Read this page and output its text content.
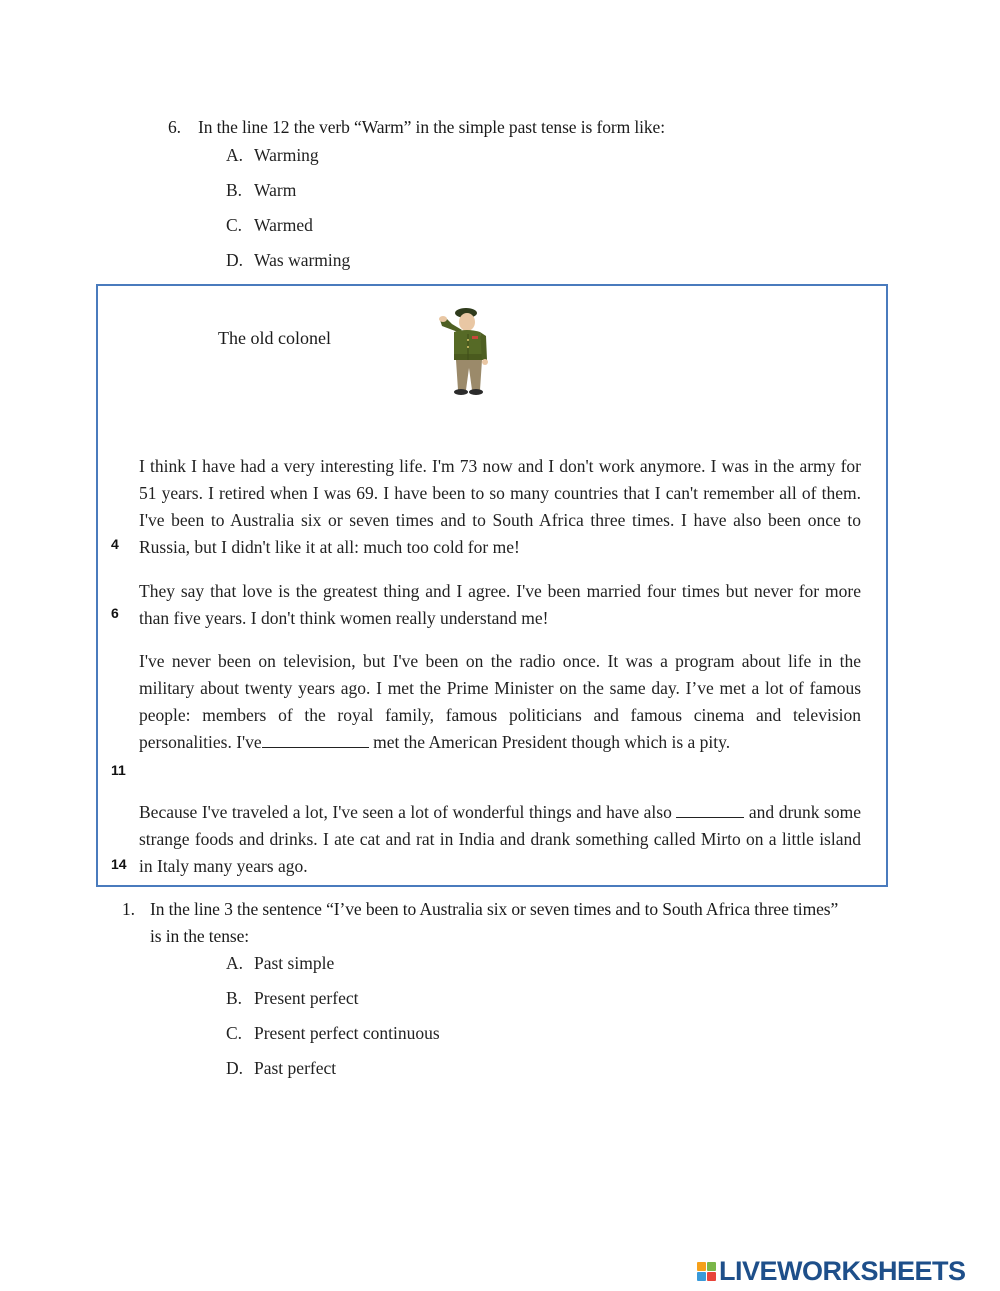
6. In the line 12 the verb “Warm” in the simple past tense is form like:
A. Warming
B. Warm
C. Warmed
D. Was warming
The old colonel
I think I have had a very interesting life. I'm 73 now and I don't work anymore. I was in the army for 51 years. I retired when I was 69. I have been to so many countries that I can't remember all of them. I've been to Australia six or seven times and to South Africa three times. I have also been once to Russia, but I didn't like it at all: much too cold for me!
4
They say that love is the greatest thing and I agree. I've been married four times but never for more than five years. I don't think women really understand me!
6
I've never been on television, but I've been on the radio once. It was a program about life in the military about twenty years ago. I met the Prime Minister on the same day. I’ve met a lot of famous people: members of the royal family, famous politicians and famous cinema and television personalities. I've	met the American President though which is a pity.
11
Because I've traveled a lot, I've seen a lot of wonderful things and have also	and drunk some strange foods and drinks. I ate cat and rat in India and drank something called Mirto on a little island in Italy many years ago.
14
1. In the line 3 the sentence “I’ve been to Australia six or seven times and to South Africa three times” is in the tense:
A. Past simple
B. Present perfect
C. Present perfect continuous
D. Past perfect
LIVEWORKSHEETS
